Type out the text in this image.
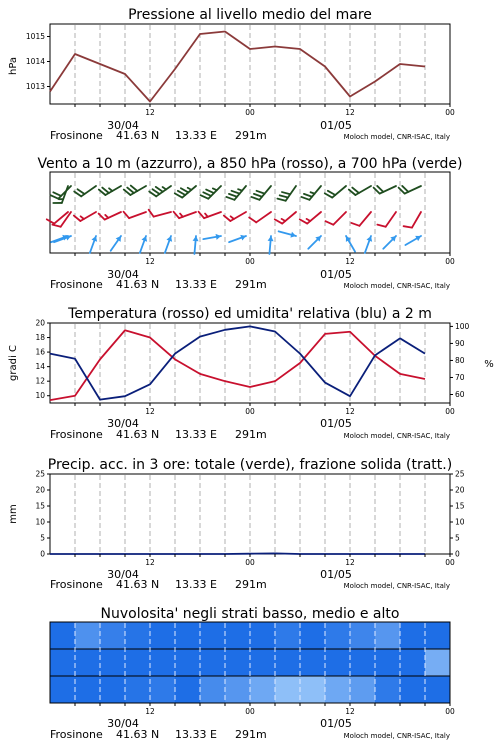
Pressione al livello medio del mare
hPa
12	00	12	00
1013
1014
1015
30/04	01/05
Frosinone 41.63 N 13.33 E 291m	Moloch model, CNR-ISAC, Italy
Vento a 10 m (azzurro), a 850 hPa (rosso), a 700 hPa (verde)
12	00	12	00
30/04	01/05
Frosinone 41.63 N 13.33 E 291m	Moloch model, CNR-ISAC, Italy
Temperatura (rosso) ed umidita' relativa (blu) a 2 m
gradi C	%
12	00	12	00
10
12
14
16
18
20
60
70
80
90
100
30/04	01/05
Frosinone 41.63 N 13.33 E 291m	Moloch model, CNR-ISAC, Italy
Precip. acc. in 3 ore: totale (verde), frazione solida (tratt.)
mm
12	00	12	00
0
5
10
15
20
25
0
5
10
15
20
25
30/04	01/05
Frosinone 41.63 N 13.33 E 291m	Moloch model, CNR-ISAC, Italy
Nuvolosita' negli strati basso, medio e alto
12	00	12	00
30/04	01/05
Frosinone 41.63 N 13.33 E 291m	Moloch model, CNR-ISAC, Italy
